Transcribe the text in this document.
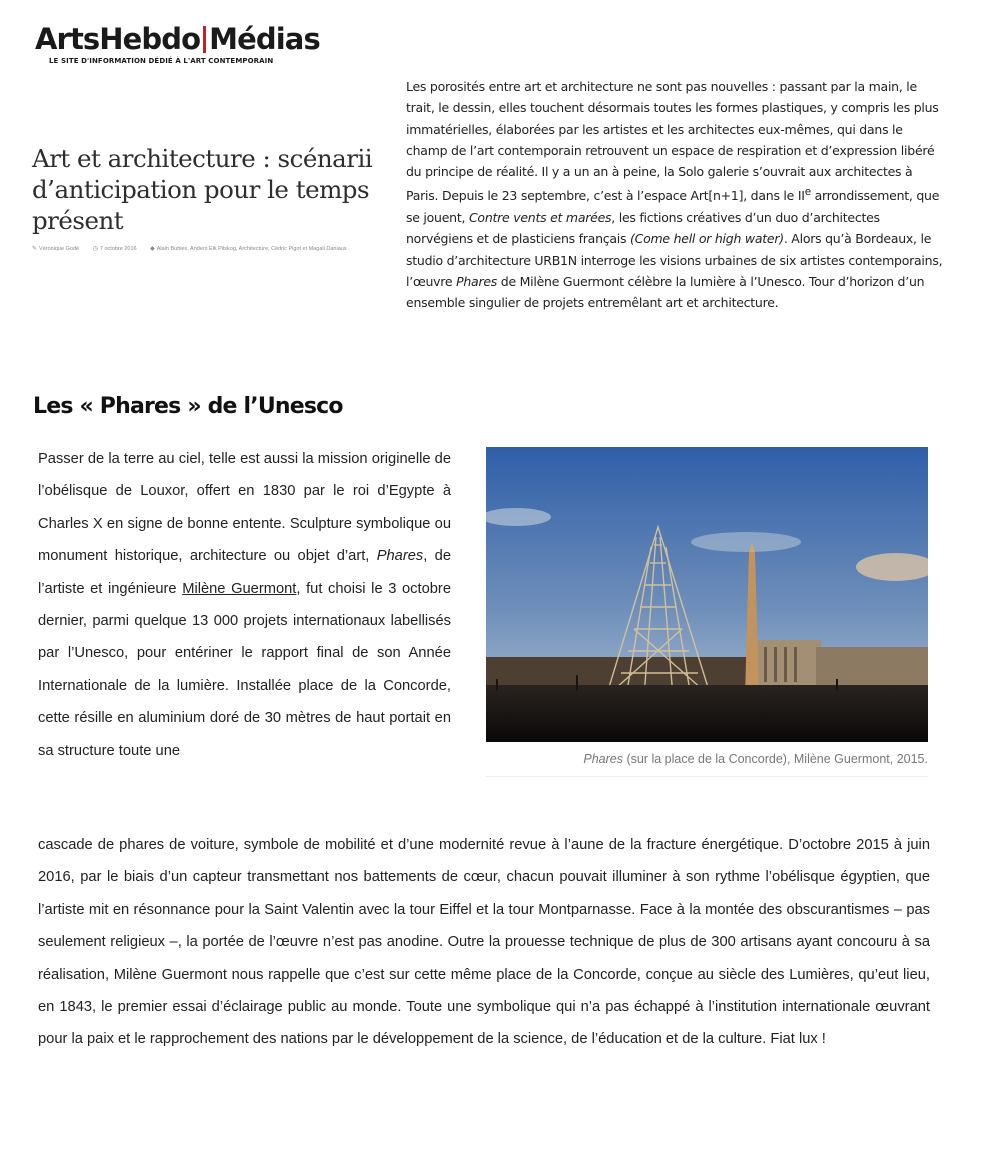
ArtsHebdo Médias
LE SITE D'INFORMATION DÉDIÉ À L'ART CONTEMPORAIN
Art et architecture : scénarii d’anticipation pour le temps présent
✎ Véronique Godé ◷ 7 octobre 2016 ◆ Alain Bublex, Anders Elk Pilskog, Architecture, Cédric Pigot et Magali Daniaux
Les porosités entre art et architecture ne sont pas nouvelles : passant par la main, le trait, le dessin, elles touchent désormais toutes les formes plastiques, y compris les plus immatérielles, élaborées par les artistes et les architectes eux-mêmes, qui dans le champ de l’art contemporain retrouvent un espace de respiration et d’expression libéré du principe de réalité. Il y a un an à peine, la Solo galerie s’ouvrait aux architectes à Paris. Depuis le 23 septembre, c’est à l’espace Art[n+1], dans le IIe arrondissement, que se jouent, Contre vents et marées, les fictions créatives d’un duo d’architectes norvégiens et de plasticiens français (Come hell or high water). Alors qu’à Bordeaux, le studio d’architecture URB1N interroge les visions urbaines de six artistes contemporains, l’œuvre Phares de Milène Guermont célèbre la lumière à l’Unesco. Tour d’horizon d’un ensemble singulier de projets entremêlant art et architecture.
Les « Phares » de l’Unesco
Passer de la terre au ciel, telle est aussi la mission originelle de l’obélisque de Louxor, offert en 1830 par le roi d’Egypte à Charles X en signe de bonne entente. Sculpture symbolique ou monument historique, architecture ou objet d’art, Phares, de l’artiste et ingénieure Milène Guermont, fut choisi le 3 octobre dernier, parmi quelque 13 000 projets internationaux labellisés par l’Unesco, pour entériner le rapport final de son Année Internationale de la lumière. Installée place de la Concorde, cette résille en aluminium doré de 30 mètres de haut portait en sa structure toute une
Phares (sur la place de la Concorde), Milène Guermont, 2015.
cascade de phares de voiture, symbole de mobilité et d’une modernité revue à l’aune de la fracture énergétique. D’octobre 2015 à juin 2016, par le biais d’un capteur transmettant nos battements de cœur, chacun pouvait illuminer à son rythme l’obélisque égyptien, que l’artiste mit en résonnance pour la Saint Valentin avec la tour Eiffel et la tour Montparnasse. Face à la montée des obscurantismes – pas seulement religieux –, la portée de l’œuvre n’est pas anodine. Outre la prouesse technique de plus de 300 artisans ayant concouru à sa réalisation, Milène Guermont nous rappelle que c’est sur cette même place de la Concorde, conçue au siècle des Lumières, qu’eut lieu, en 1843, le premier essai d’éclairage public au monde. Toute une symbolique qui n’a pas échappé à l’institution internationale œuvrant pour la paix et le rapprochement des nations par le développement de la science, de l’éducation et de la culture. Fiat lux !
